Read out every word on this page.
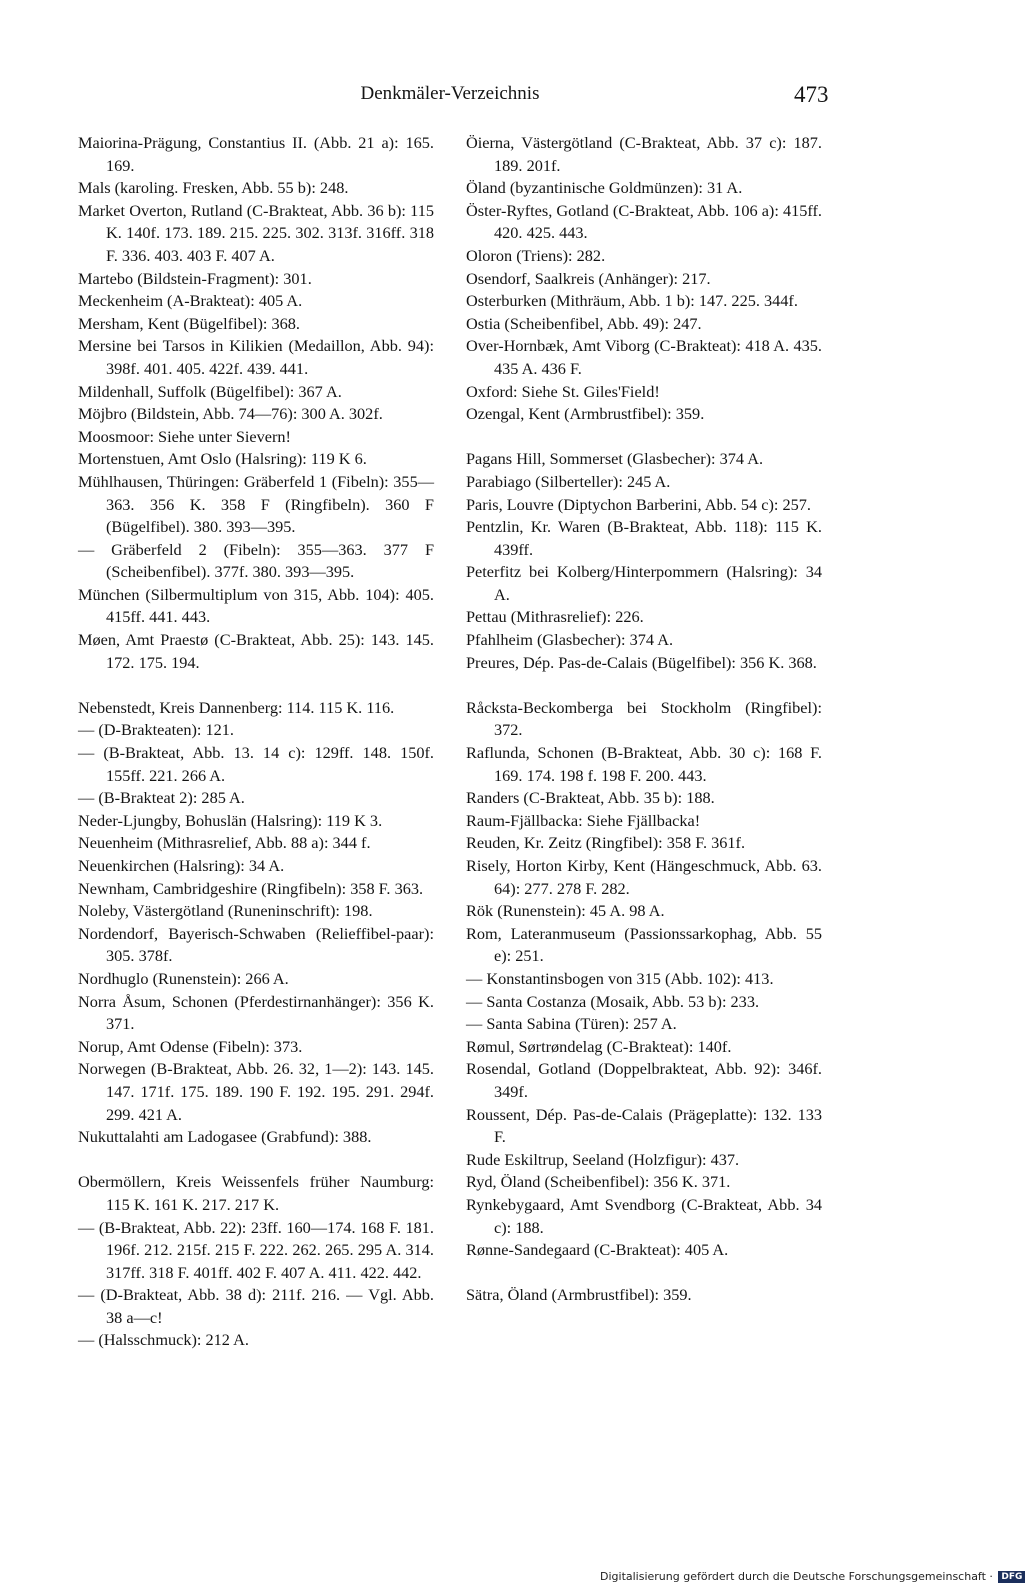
Denkmäler-Verzeichnis	473

Maiorina-Prägung, Constantius II. (Abb. 21 a): 165. 169.

Mals (karoling. Fresken, Abb. 55 b): 248.

Market Overton, Rutland (C-Brakteat, Abb. 36 b): 115 K. 140f. 173. 189. 215. 225. 302. 313f. 316ff. 318 F. 336. 403. 403 F. 407 A.

Martebo (Bildstein-Fragment): 301.

Meckenheim (A-Brakteat): 405 A.

Mersham, Kent (Bügelfibel): 368.

Mersine bei Tarsos in Kilikien (Medaillon, Abb. 94): 398f. 401. 405. 422f. 439. 441.

Mildenhall, Suffolk (Bügelfibel): 367 A.

Möjbro (Bildstein, Abb. 74—76): 300 A. 302f.

Moosmoor: Siehe unter Sievern!

Mortenstuen, Amt Oslo (Halsring): 119 K 6.

Mühlhausen, Thüringen: Gräberfeld 1 (Fibeln): 355—363. 356 K. 358 F (Ringfibeln). 360 F (Bügelfibel). 380. 393—395.

— Gräberfeld 2 (Fibeln): 355—363. 377 F (Scheibenfibel). 377f. 380. 393—395.

München (Silbermultiplum von 315, Abb. 104): 405. 415ff. 441. 443.

Møen, Amt Praestø (C-Brakteat, Abb. 25): 143. 145. 172. 175. 194.

Nebenstedt, Kreis Dannenberg: 114. 115 K. 116.

— (D-Brakteaten): 121.

— (B-Brakteat, Abb. 13. 14 c): 129ff. 148. 150f. 155ff. 221. 266 A.

— (B-Brakteat 2): 285 A.

Neder-Ljungby, Bohuslän (Halsring): 119 K 3.

Neuenheim (Mithrasrelief, Abb. 88 a): 344 f.

Neuenkirchen (Halsring): 34 A.

Newnham, Cambridgeshire (Ringfibeln): 358 F. 363.

Noleby, Västergötland (Runeninschrift): 198.

Nordendorf, Bayerisch-Schwaben (Relieffibel-paar): 305. 378f.

Nordhuglo (Runenstein): 266 A.

Norra Åsum, Schonen (Pferdestirnanhänger): 356 K. 371.

Norup, Amt Odense (Fibeln): 373.

Norwegen (B-Brakteat, Abb. 26. 32, 1—2): 143. 145. 147. 171f. 175. 189. 190 F. 192. 195. 291. 294f. 299. 421 A.

Nukuttalahti am Ladogasee (Grabfund): 388.

Obermöllern, Kreis Weissenfels früher Naumburg: 115 K. 161 K. 217. 217 K.

— (B-Brakteat, Abb. 22): 23ff. 160—174. 168 F. 181. 196f. 212. 215f. 215 F. 222. 262. 265. 295 A. 314. 317ff. 318 F. 401ff. 402 F. 407 A. 411. 422. 442.

— (D-Brakteat, Abb. 38 d): 211f. 216. — Vgl. Abb. 38 a—c!

— (Halsschmuck): 212 A.

Öierna, Västergötland (C-Brakteat, Abb. 37 c): 187. 189. 201f.

Öland (byzantinische Goldmünzen): 31 A.

Öster-Ryftes, Gotland (C-Brakteat, Abb. 106 a): 415ff. 420. 425. 443.

Oloron (Triens): 282.

Osendorf, Saalkreis (Anhänger): 217.

Osterburken (Mithräum, Abb. 1 b): 147. 225. 344f.

Ostia (Scheibenfibel, Abb. 49): 247.

Over-Hornbæk, Amt Viborg (C-Brakteat): 418 A. 435. 435 A. 436 F.

Oxford: Siehe St. Giles'Field!

Ozengal, Kent (Armbrustfibel): 359.

Pagans Hill, Sommerset (Glasbecher): 374 A.

Parabiago (Silberteller): 245 A.

Paris, Louvre (Diptychon Barberini, Abb. 54 c): 257.

Pentzlin, Kr. Waren (B-Brakteat, Abb. 118): 115 K. 439ff.

Peterfitz bei Kolberg/Hinterpommern (Halsring): 34 A.

Pettau (Mithrasrelief): 226.

Pfahlheim (Glasbecher): 374 A.

Preures, Dép. Pas-de-Calais (Bügelfibel): 356 K. 368.

Råcksta-Beckomberga bei Stockholm (Ringfibel): 372.

Raflunda, Schonen (B-Brakteat, Abb. 30 c): 168 F. 169. 174. 198 f. 198 F. 200. 443.

Randers (C-Brakteat, Abb. 35 b): 188.

Raum-Fjällbacka: Siehe Fjällbacka!

Reuden, Kr. Zeitz (Ringfibel): 358 F. 361f.

Risely, Horton Kirby, Kent (Hängeschmuck, Abb. 63. 64): 277. 278 F. 282.

Rök (Runenstein): 45 A. 98 A.

Rom, Lateranmuseum (Passionssarkophag, Abb. 55 e): 251.

— Konstantinsbogen von 315 (Abb. 102): 413.

— Santa Costanza (Mosaik, Abb. 53 b): 233.

— Santa Sabina (Türen): 257 A.

Rømul, Sørtrøndelag (C-Brakteat): 140f.

Rosendal, Gotland (Doppelbrakteat, Abb. 92): 346f. 349f.

Roussent, Dép. Pas-de-Calais (Prägeplatte): 132. 133 F.

Rude Eskiltrup, Seeland (Holzfigur): 437.

Ryd, Öland (Scheibenfibel): 356 K. 371.

Rynkebygaard, Amt Svendborg (C-Brakteat, Abb. 34 c): 188.

Rønne-Sandegaard (C-Brakteat): 405 A.

Sätra, Öland (Armbrustfibel): 359.

Digitalisierung gefördert durch die Deutsche Forschungsgemeinschaft · DFG
